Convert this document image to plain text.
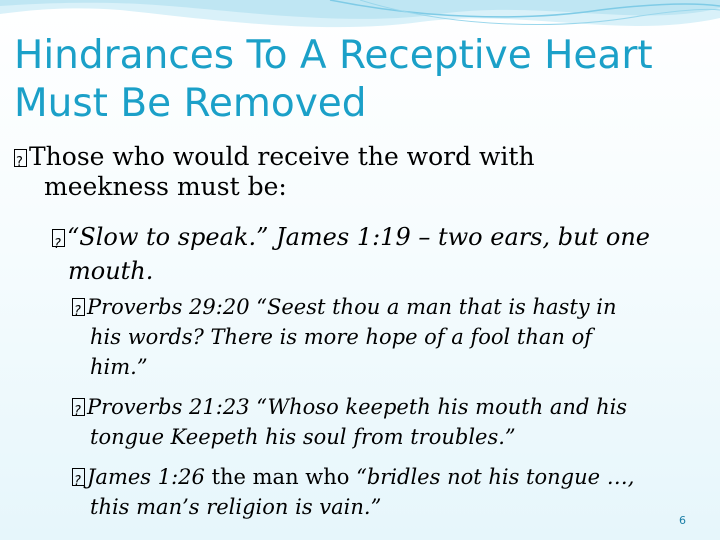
Hindrances To A Receptive Heart
Must Be Removed
?Those who would receive the word with
meekness must be:
?“Slow to speak.” James 1:19 – two ears, but one
mouth.
?Proverbs 29:20 “Seest thou a man that is hasty in
his words? There is more hope of a fool than of
him.”
?Proverbs 21:23 “Whoso keepeth his mouth and his
tongue Keepeth his soul from troubles.”
?James 1:26 the man who “bridles not his tongue …,
this man’s religion is vain.”
6
